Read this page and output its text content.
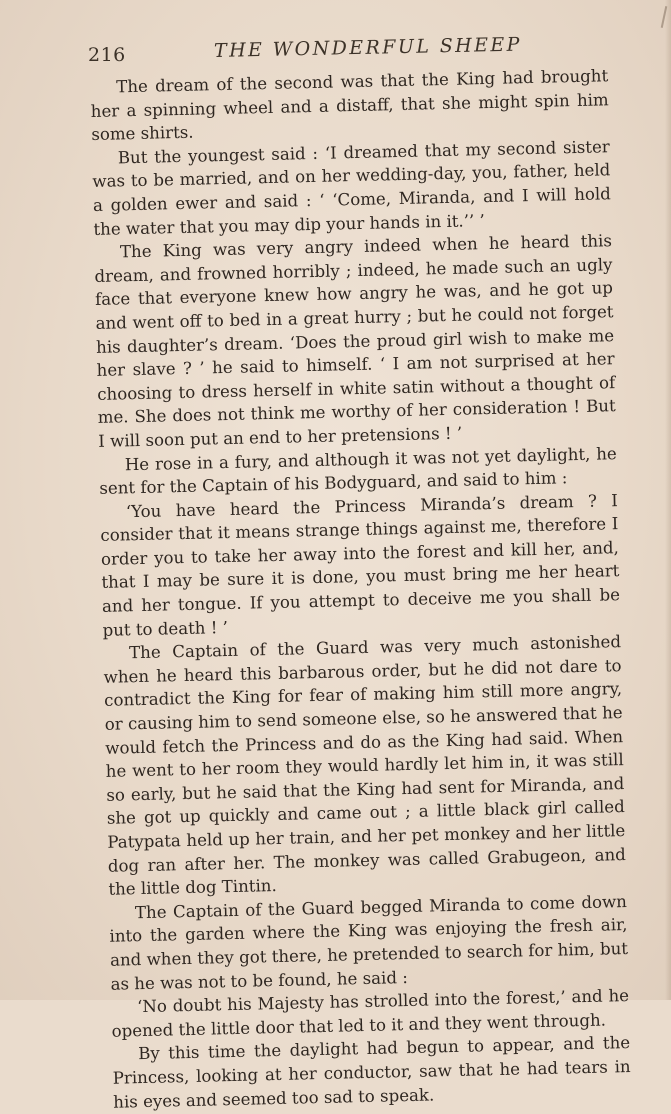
216	THE WONDERFUL SHEEP

The dream of the second was that the King had brought her a spinning wheel and a distaff, that she might spin him some shirts.

But the youngest said : ‘I dreamed that my second sister was to be married, and on her wedding-day, you, father, held a golden ewer and said : ‘ ‘Come, Miranda, and I will hold the water that you may dip your hands in it.’’ ’

The King was very angry indeed when he heard this dream, and frowned horribly ; indeed, he made such an ugly face that everyone knew how angry he was, and he got up and went off to bed in a great hurry ; but he could not forget his daughter’s dream. ‘Does the proud girl wish to make me her slave ? ’ he said to himself. ‘ I am not surprised at her choosing to dress herself in white satin without a thought of me. She does not think me worthy of her consideration ! But I will soon put an end to her pretensions ! ’

He rose in a fury, and although it was not yet daylight, he sent for the Captain of his Bodyguard, and said to him :

‘You have heard the Princess Miranda’s dream ? I consider that it means strange things against me, therefore I order you to take her away into the forest and kill her, and, that I may be sure it is done, you must bring me her heart and her tongue. If you attempt to deceive me you shall be put to death ! ’

The Captain of the Guard was very much astonished when he heard this barbarous order, but he did not dare to contradict the King for fear of making him still more angry, or causing him to send someone else, so he answered that he would fetch the Princess and do as the King had said. When he went to her room they would hardly let him in, it was still so early, but he said that the King had sent for Miranda, and she got up quickly and came out ; a little black girl called Patypata held up her train, and her pet monkey and her little dog ran after her. The monkey was called Grabugeon, and the little dog Tintin.

The Captain of the Guard begged Miranda to come down into the garden where the King was enjoying the fresh air, and when they got there, he pretended to search for him, but as he was not to be found, he said :

‘No doubt his Majesty has strolled into the forest,’ and he opened the little door that led to it and they went through.

By this time the daylight had begun to appear, and the Princess, looking at her conductor, saw that he had tears in his eyes and seemed too sad to speak.
